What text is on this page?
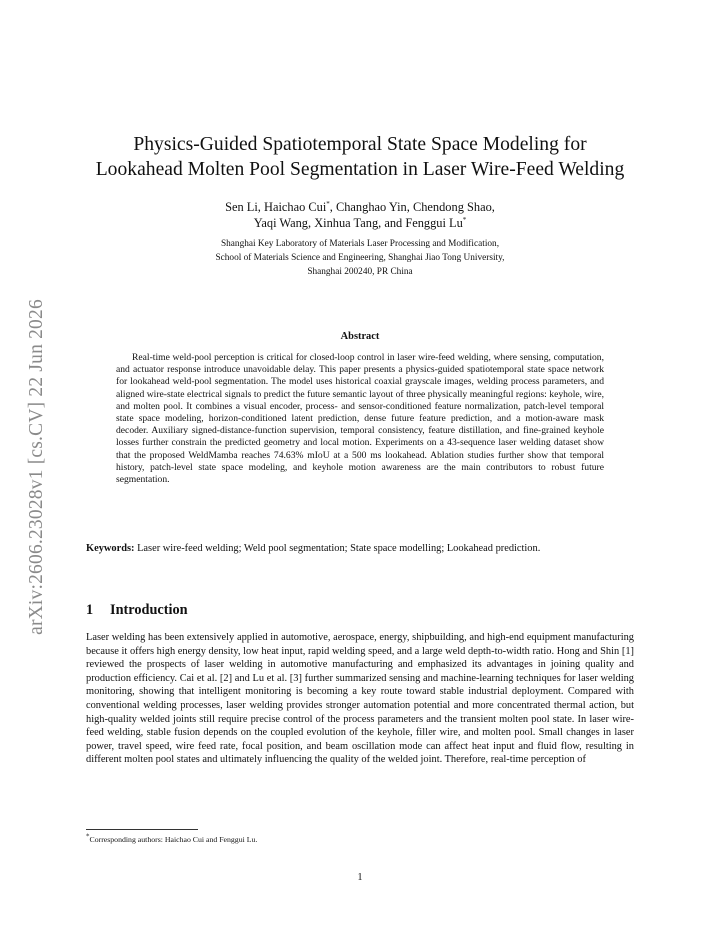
arXiv:2606.23028v1 [cs.CV] 22 Jun 2026
Physics-Guided Spatiotemporal State Space Modeling for
Lookahead Molten Pool Segmentation in Laser Wire-Feed Welding
Sen Li, Haichao Cui*, Changhao Yin, Chendong Shao,
Yaqi Wang, Xinhua Tang, and Fenggui Lu*
Shanghai Key Laboratory of Materials Laser Processing and Modification,
School of Materials Science and Engineering, Shanghai Jiao Tong University,
Shanghai 200240, PR China
Abstract

Real-time weld-pool perception is critical for closed-loop control in laser wire-feed welding, where sensing, computation, and actuator response introduce unavoidable delay. This paper presents a physics-guided spatiotemporal state space network for lookahead weld-pool segmentation. The model uses historical coaxial grayscale images, welding process parameters, and aligned wire-state electrical signals to predict the future semantic layout of three physically meaningful regions: keyhole, wire, and molten pool. It combines a visual encoder, process- and sensor-conditioned feature normalization, patch-level temporal state space modeling, horizon-conditioned latent prediction, dense future feature prediction, and a motion-aware mask decoder. Auxiliary signed-distance-function supervision, temporal consistency, feature distillation, and fine-grained keyhole losses further constrain the predicted geometry and local motion. Experiments on a 43-sequence laser welding dataset show that the proposed WeldMamba reaches 74.63% mIoU at a 500 ms lookahead. Ablation studies further show that temporal history, patch-level state space modeling, and keyhole motion awareness are the main contributors to robust future segmentation.

Keywords: Laser wire-feed welding; Weld pool segmentation; State space modelling; Lookahead prediction.
1 Introduction

Laser welding has been extensively applied in automotive, aerospace, energy, shipbuilding, and high-end equipment manufacturing because it offers high energy density, low heat input, rapid welding speed, and a large weld depth-to-width ratio. Hong and Shin [1] reviewed the prospects of laser welding in automotive manufacturing and emphasized its advantages in joining quality and production efficiency. Cai et al. [2] and Lu et al. [3] further summarized sensing and machine-learning techniques for laser welding monitoring, showing that intelligent monitoring is becoming a key route toward stable industrial deployment. Compared with conventional welding processes, laser welding provides stronger automation potential and more concentrated thermal action, but high-quality welded joints still require precise control of the process parameters and the transient molten pool state. In laser wire-feed welding, stable fusion depends on the coupled evolution of the keyhole, filler wire, and molten pool. Small changes in laser power, travel speed, wire feed rate, focal position, and beam oscillation mode can affect heat input and fluid flow, resulting in different molten pool states and ultimately influencing the quality of the welded joint. Therefore, real-time perception of

*Corresponding authors: Haichao Cui and Fenggui Lu.
1
